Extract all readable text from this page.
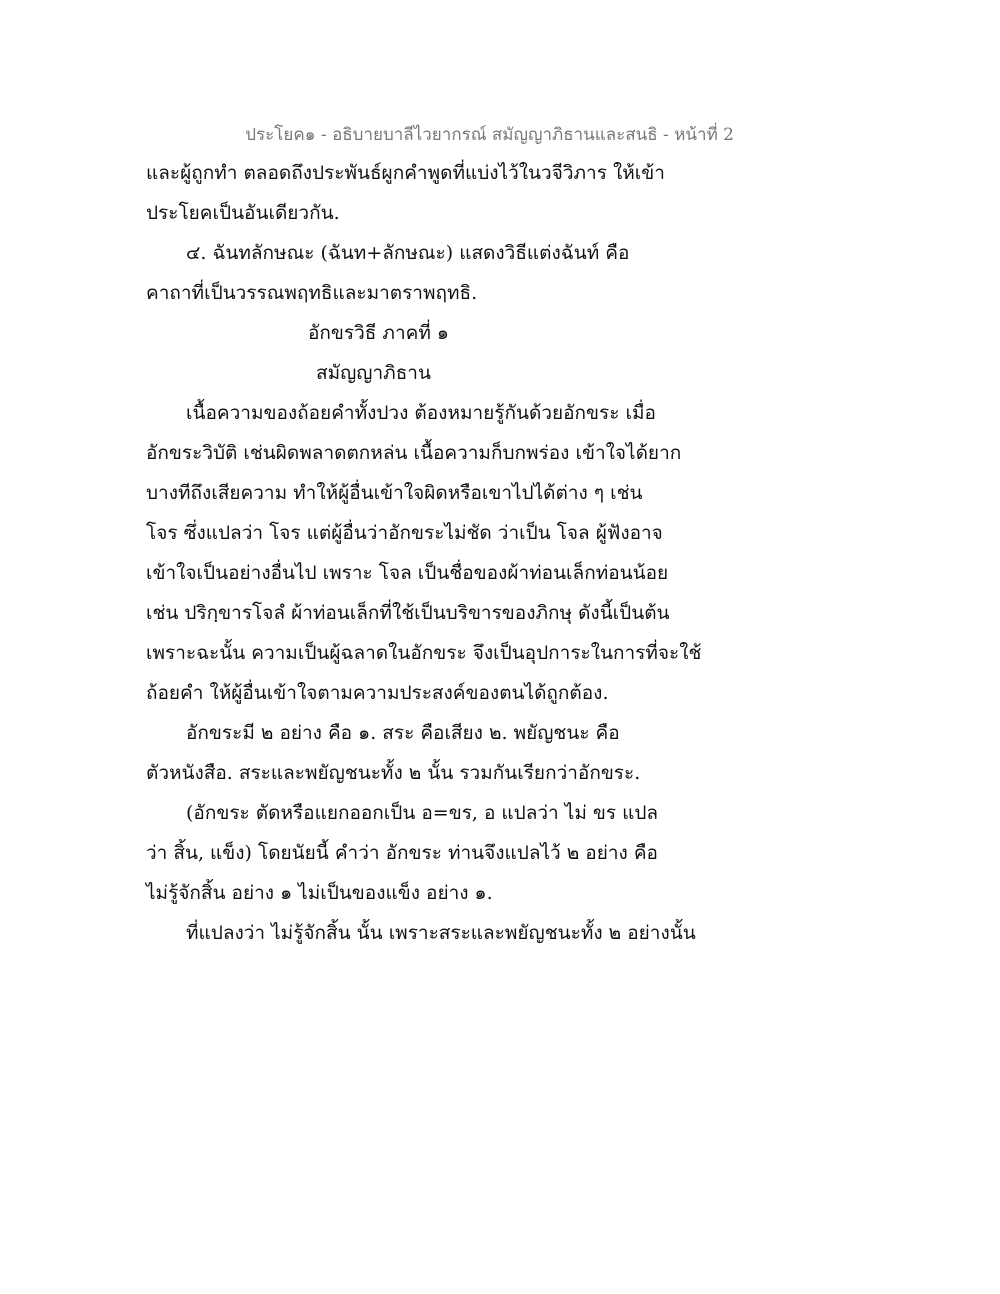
ประโยค๑ - อธิบายบาลีไวยากรณ์ สมัญญาภิธานและสนธิ - หน้าที่ 2
และผู้ถูกทำ ตลอดถึงประพันธ์ผูกคำพูดที่แบ่งไว้ในวจีวิภาร ให้เข้า
ประโยคเป็นอันเดียวกัน.
๔. ฉันทลักษณะ (ฉันท+ลักษณะ) แสดงวิธีแต่งฉันท์ คือ
คาถาที่เป็นวรรณพฤทธิและมาตราพฤทธิ.
อักขรวิธี ภาคที่ ๑
สมัญญาภิธาน
เนื้อความของถ้อยคำทั้งปวง ต้องหมายรู้กันด้วยอักขระ เมื่อ
อักขระวิบัติ เช่นผิดพลาดตกหล่น เนื้อความก็บกพร่อง เข้าใจได้ยาก
บางทีถึงเสียความ ทำให้ผู้อื่นเข้าใจผิดหรือเขาไปได้ต่าง ๆ เช่น
โจร ซึ่งแปลว่า โจร แต่ผู้อื่นว่าอักขระไม่ชัด ว่าเป็น โจล ผู้ฟังอาจ
เข้าใจเป็นอย่างอื่นไป เพราะ โจล เป็นชื่อของผ้าท่อนเล็กท่อนน้อย
เช่น ปริกฺขารโจลํ ผ้าท่อนเล็กที่ใช้เป็นบริขารของภิกษุ ดังนี้เป็นต้น
เพราะฉะนั้น ความเป็นผู้ฉลาดในอักขระ จึงเป็นอุปการะในการที่จะใช้
ถ้อยคำ ให้ผู้อื่นเข้าใจตามความประสงค์ของตนได้ถูกต้อง.
อักขระมี ๒ อย่าง คือ ๑. สระ คือเสียง ๒. พยัญชนะ คือ
ตัวหนังสือ. สระและพยัญชนะทั้ง ๒ นั้น รวมกันเรียกว่าอักขระ.
(อักขระ ตัดหรือแยกออกเป็น อ=ขร, อ แปลว่า ไม่ ขร แปล
ว่า สิ้น, แข็ง) โดยนัยนี้ คำว่า อักขระ ท่านจึงแปลไว้ ๒ อย่าง คือ
ไม่รู้จักสิ้น อย่าง ๑ ไม่เป็นของแข็ง อย่าง ๑.
ที่แปลงว่า ไม่รู้จักสิ้น นั้น เพราะสระและพยัญชนะทั้ง ๒ อย่างนั้น
